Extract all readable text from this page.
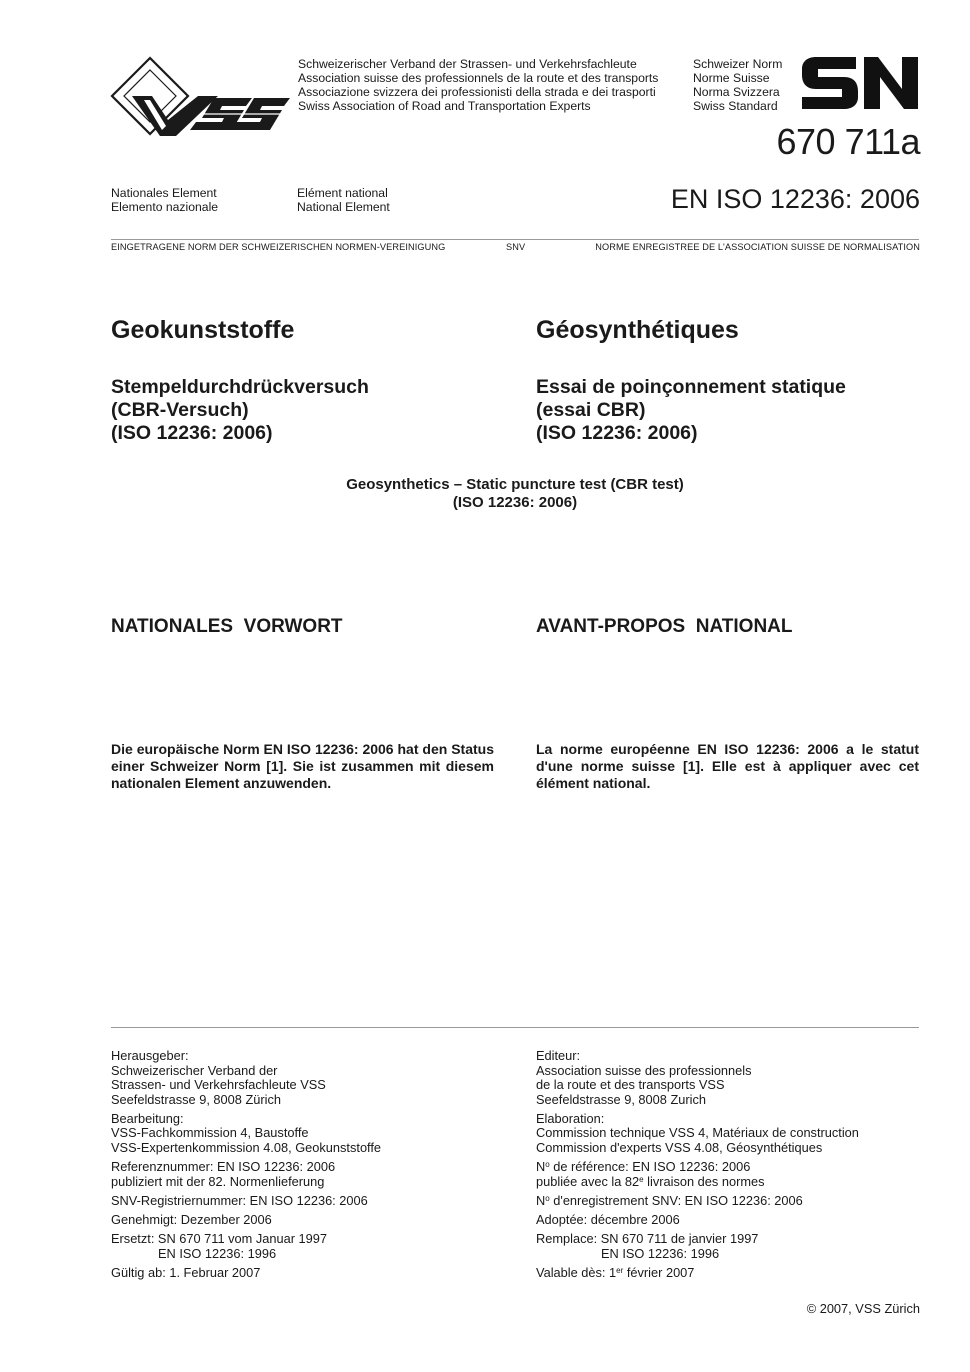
Schweizerischer Verband der Strassen- und Verkehrsfachleute
Association suisse des professionnels de la route et des transports
Associazione svizzera dei professionisti della strada e dei trasporti
Swiss Association of Road and Transportation Experts
Schweizer Norm
Norme Suisse
Norma Svizzera
Swiss Standard
670 711a
Nationales Element
Elemento nazionale
Elément national
National Element	EN ISO 12236: 2006
EINGETRAGENE NORM DER SCHWEIZERISCHEN NORMEN-VEREINIGUNG	SNV	NORME ENREGISTREE DE L'ASSOCIATION SUISSE DE NORMALISATION
Geokunststoffe	Géosynthétiques
Stempeldurchdrückversuch
(CBR-Versuch)
(ISO 12236: 2006)
Essai de poinçonnement statique
(essai CBR)
(ISO 12236: 2006)
Geosynthetics – Static puncture test (CBR test)
(ISO 12236: 2006)
NATIONALES  VORWORT	AVANT-PROPOS  NATIONAL
Die europäische Norm EN ISO 12236: 2006 hat den Status einer Schweizer Norm [1]. Sie ist zusammen mit diesem nationalen Element anzuwenden.
La norme européenne EN ISO 12236: 2006 a le statut d'une norme suisse [1]. Elle est à appliquer avec cet élément national.
Herausgeber:
Schweizerischer Verband der
Strassen- und Verkehrsfachleute VSS
Seefeldstrasse 9, 8008 Zürich
Bearbeitung:
VSS-Fachkommission 4, Baustoffe
VSS-Expertenkommission 4.08, Geokunststoffe
Referenznummer: EN ISO 12236: 2006
publiziert mit der 82. Normenlieferung
SNV-Registriernummer: EN ISO 12236: 2006
Genehmigt: Dezember 2006
Ersetzt: SN 670 711 vom Januar 1997
EN ISO 12236: 1996
Gültig ab: 1. Februar 2007
Editeur:
Association suisse des professionnels
de la route et des transports VSS
Seefeldstrasse 9, 8008 Zurich
Elaboration:
Commission technique VSS 4, Matériaux de construction
Commission d'experts VSS 4.08, Géosynthétiques
$N^o$ de référence: EN ISO 12236: 2006
publiée avec la 82e livraison des normes
$N^o$ d'enregistrement SNV: EN ISO 12236: 2006
Adoptée: décembre 2006
Remplace: SN 670 711 de janvier 1997
EN ISO 12236: 1996
Valable dès: 1er février 2007
© 2007, VSS Zürich
